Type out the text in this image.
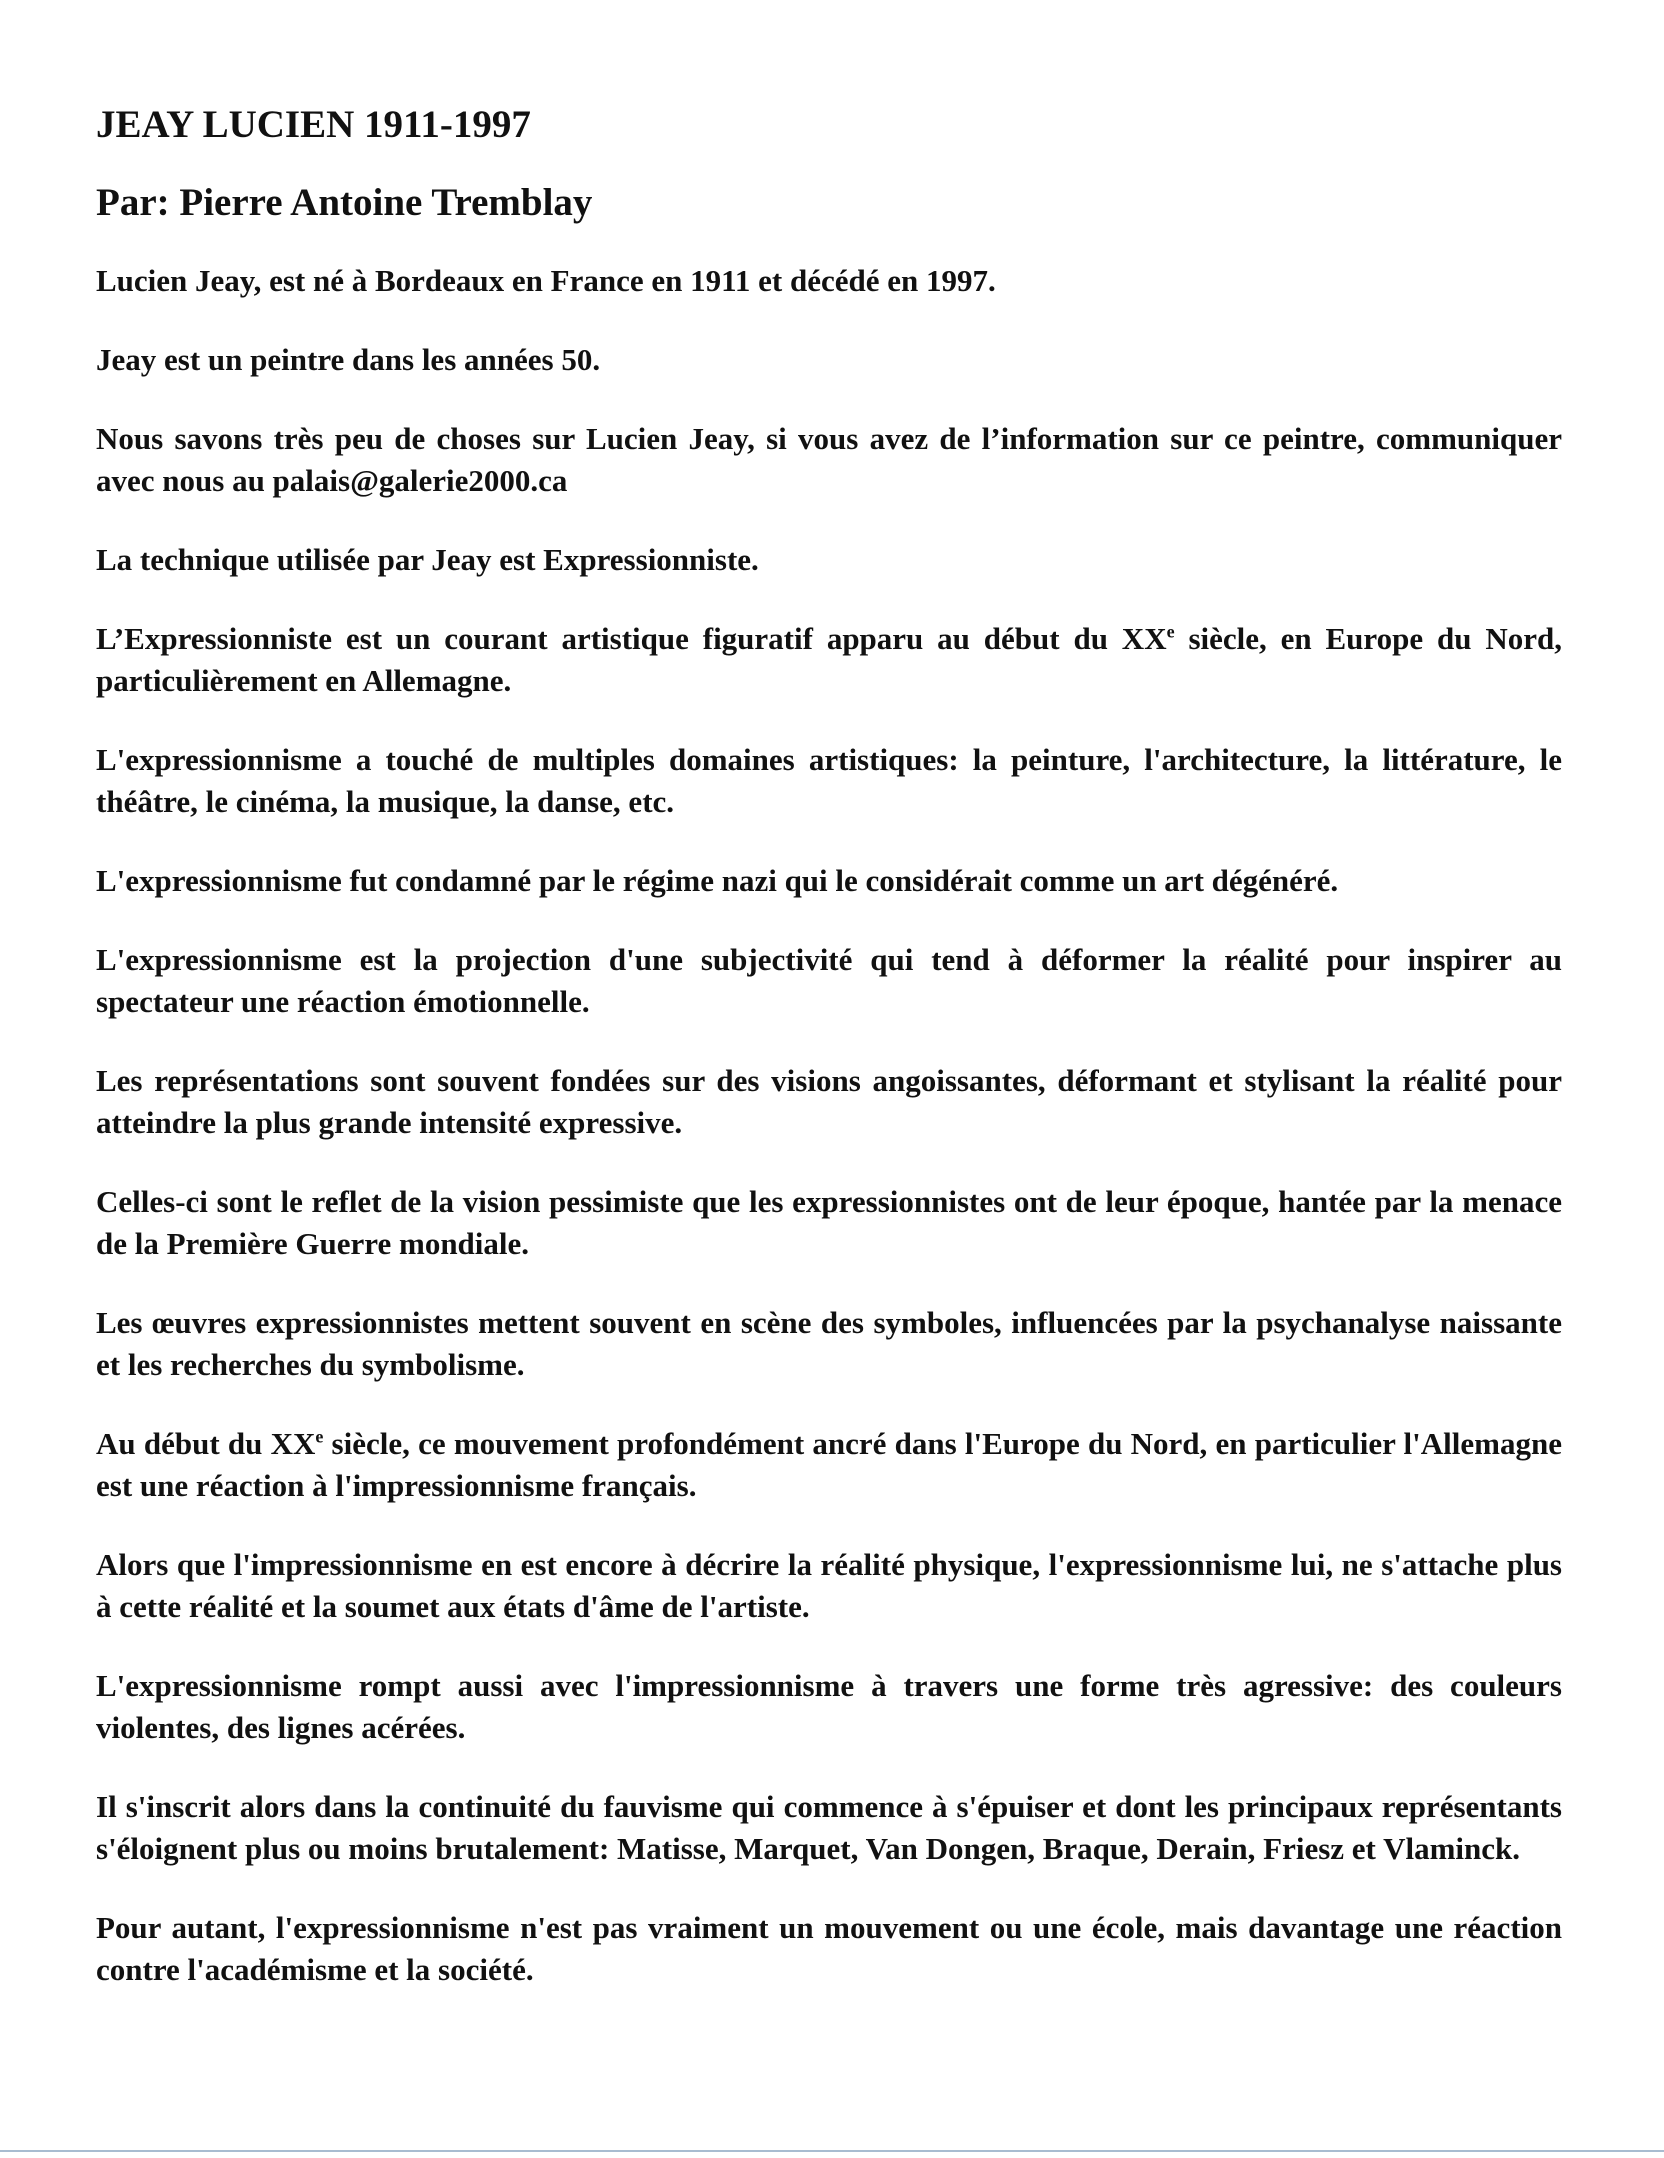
JEAY LUCIEN 1911-1997
Par: Pierre Antoine Tremblay

Lucien Jeay, est né à Bordeaux en France en 1911 et décédé en 1997.

Jeay est un peintre dans les années 50.

Nous savons très peu de choses sur Lucien Jeay, si vous avez de l’information sur ce peintre, communiquer avec nous au palais@galerie2000.ca

La technique utilisée par Jeay est Expressionniste.

L’Expressionniste est un courant artistique figuratif apparu au début du XXe siècle, en Europe du Nord, particulièrement en Allemagne.

L'expressionnisme a touché de multiples domaines artistiques: la peinture, l'architecture, la littérature, le théâtre, le cinéma, la musique, la danse, etc.

L'expressionnisme fut condamné par le régime nazi qui le considérait comme un art dégénéré.

L'expressionnisme est la projection d'une subjectivité qui tend à déformer la réalité pour inspirer au spectateur une réaction émotionnelle.

Les représentations sont souvent fondées sur des visions angoissantes, déformant et stylisant la réalité pour atteindre la plus grande intensité expressive.

Celles-ci sont le reflet de la vision pessimiste que les expressionnistes ont de leur époque, hantée par la menace de la Première Guerre mondiale.

Les œuvres expressionnistes mettent souvent en scène des symboles, influencées par la psychanalyse naissante et les recherches du symbolisme.

Au début du XXe siècle, ce mouvement profondément ancré dans l'Europe du Nord, en particulier l'Allemagne est une réaction à l'impressionnisme français.

Alors que l'impressionnisme en est encore à décrire la réalité physique, l'expressionnisme lui, ne s'attache plus à cette réalité et la soumet aux états d'âme de l'artiste.

L'expressionnisme rompt aussi avec l'impressionnisme à travers une forme très agressive: des couleurs violentes, des lignes acérées.

Il s'inscrit alors dans la continuité du fauvisme qui commence à s'épuiser et dont les principaux représentants s'éloignent plus ou moins brutalement: Matisse, Marquet, Van Dongen, Braque, Derain, Friesz et Vlaminck.

Pour autant, l'expressionnisme n'est pas vraiment un mouvement ou une école, mais davantage une réaction contre l'académisme et la société.
